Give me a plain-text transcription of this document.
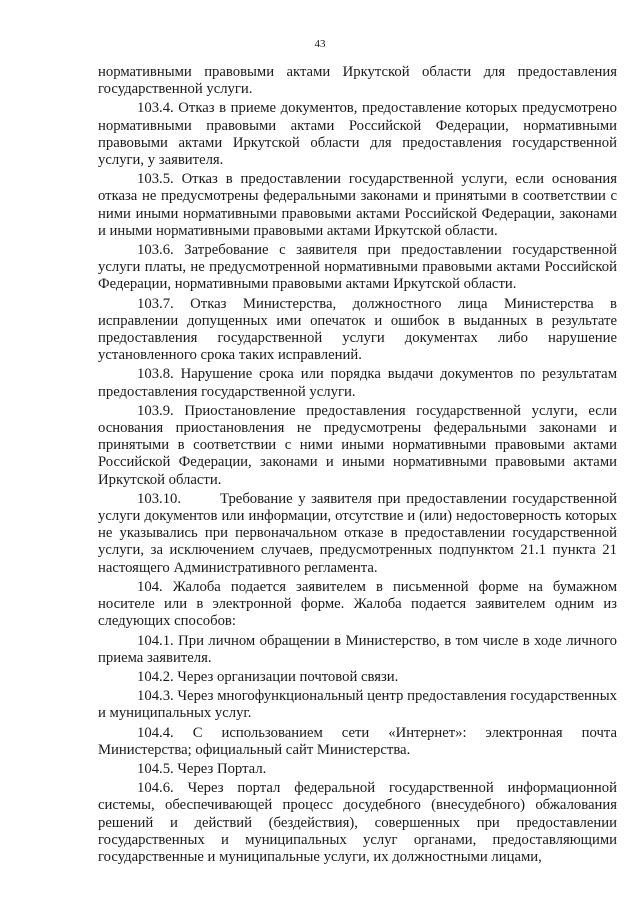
43

нормативными правовыми актами Иркутской области для предоставления государственной услуги.

103.4. Отказ в приеме документов, предоставление которых предусмотрено нормативными правовыми актами Российской Федерации, нормативными правовыми актами Иркутской области для предоставления государственной услуги, у заявителя.

103.5. Отказ в предоставлении государственной услуги, если основания отказа не предусмотрены федеральными законами и принятыми в соответствии с ними иными нормативными правовыми актами Российской Федерации, законами и иными нормативными правовыми актами Иркутской области.

103.6. Затребование с заявителя при предоставлении государственной услуги платы, не предусмотренной нормативными правовыми актами Российской Федерации, нормативными правовыми актами Иркутской области.

103.7. Отказ Министерства, должностного лица Министерства в исправлении допущенных ими опечаток и ошибок в выданных в результате предоставления государственной услуги документах либо нарушение установленного срока таких исправлений.

103.8. Нарушение срока или порядка выдачи документов по результатам предоставления государственной услуги.

103.9. Приостановление предоставления государственной услуги, если основания приостановления не предусмотрены федеральными законами и принятыми в соответствии с ними иными нормативными правовыми актами Российской Федерации, законами и иными нормативными правовыми актами Иркутской области.

103.10.       Требование у заявителя при предоставлении государственной услуги документов или информации, отсутствие и (или) недостоверность которых не указывались при первоначальном отказе в предоставлении государственной услуги, за исключением случаев, предусмотренных подпунктом 21.1 пункта 21 настоящего Административного регламента.

104. Жалоба подается заявителем в письменной форме на бумажном носителе или в электронной форме. Жалоба подается заявителем одним из следующих способов:

104.1. При личном обращении в Министерство, в том числе в ходе личного приема заявителя.

104.2. Через организации почтовой связи.

104.3. Через многофункциональный центр предоставления государственных и муниципальных услуг.

104.4. С использованием сети «Интернет»: электронная почта Министерства; официальный сайт Министерства.

104.5. Через Портал.

104.6. Через портал федеральной государственной информационной системы, обеспечивающей процесс досудебного (внесудебного) обжалования решений и действий (бездействия), совершенных при предоставлении государственных и муниципальных услуг органами, предоставляющими государственные и муниципальные услуги, их должностными лицами,
